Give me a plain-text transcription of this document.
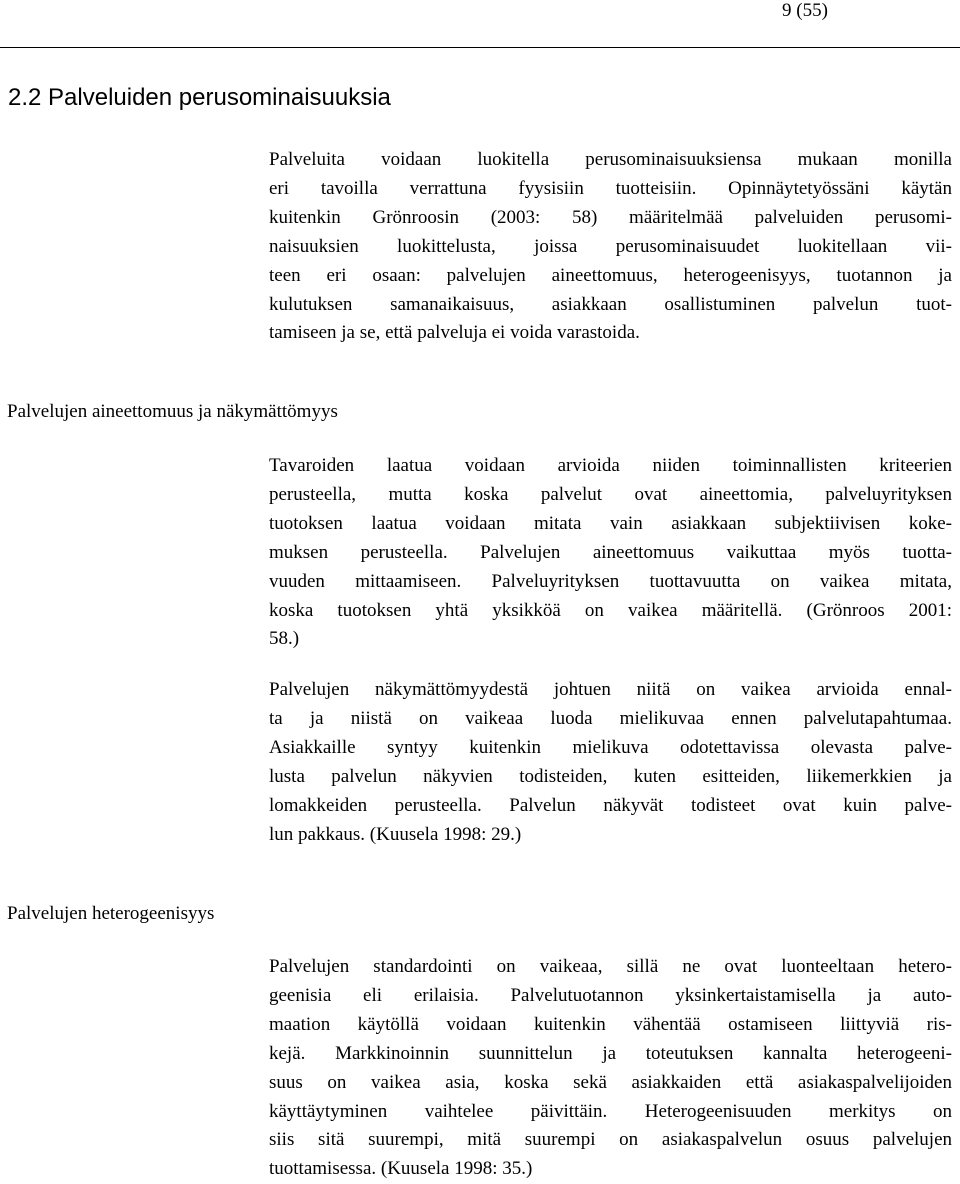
9 (55)
2.2 Palveluiden perusominaisuuksia

Palveluita voidaan luokitella perusominaisuuksiensa mukaan monilla
eri tavoilla verrattuna fyysisiin tuotteisiin. Opinnäytetyössäni käytän
kuitenkin Grönroosin (2003: 58) määritelmää palveluiden perusomi-
naisuuksien luokittelusta, joissa perusominaisuudet luokitellaan vii-
teen eri osaan: palvelujen aineettomuus, heterogeenisyys, tuotannon ja
kulutuksen samanaikaisuus, asiakkaan osallistuminen palvelun tuot-
tamiseen ja se, että palveluja ei voida varastoida.

Palvelujen aineettomuus ja näkymättömyys

Tavaroiden laatua voidaan arvioida niiden toiminnallisten kriteerien
perusteella, mutta koska palvelut ovat aineettomia, palveluyrityksen
tuotoksen laatua voidaan mitata vain asiakkaan subjektiivisen koke-
muksen perusteella. Palvelujen aineettomuus vaikuttaa myös tuotta-
vuuden mittaamiseen. Palveluyrityksen tuottavuutta on vaikea mitata,
koska tuotoksen yhtä yksikköä on vaikea määritellä. (Grönroos 2001:
58.)

Palvelujen näkymättömyydestä johtuen niitä on vaikea arvioida ennal-
ta ja niistä on vaikeaa luoda mielikuvaa ennen palvelutapahtumaa.
Asiakkaille syntyy kuitenkin mielikuva odotettavissa olevasta palve-
lusta palvelun näkyvien todisteiden, kuten esitteiden, liikemerkkien ja
lomakkeiden perusteella. Palvelun näkyvät todisteet ovat kuin palve-
lun pakkaus. (Kuusela 1998: 29.)

Palvelujen heterogeenisyys

Palvelujen standardointi on vaikeaa, sillä ne ovat luonteeltaan hetero-
geenisia eli erilaisia. Palvelutuotannon yksinkertaistamisella ja auto-
maation käytöllä voidaan kuitenkin vähentää ostamiseen liittyviä ris-
kejä. Markkinoinnin suunnittelun ja toteutuksen kannalta heterogeeni-
suus on vaikea asia, koska sekä asiakkaiden että asiakaspalvelijoiden
käyttäytyminen vaihtelee päivittäin. Heterogeenisuuden merkitys on
siis sitä suurempi, mitä suurempi on asiakaspalvelun osuus palvelujen
tuottamisessa. (Kuusela 1998: 35.)
